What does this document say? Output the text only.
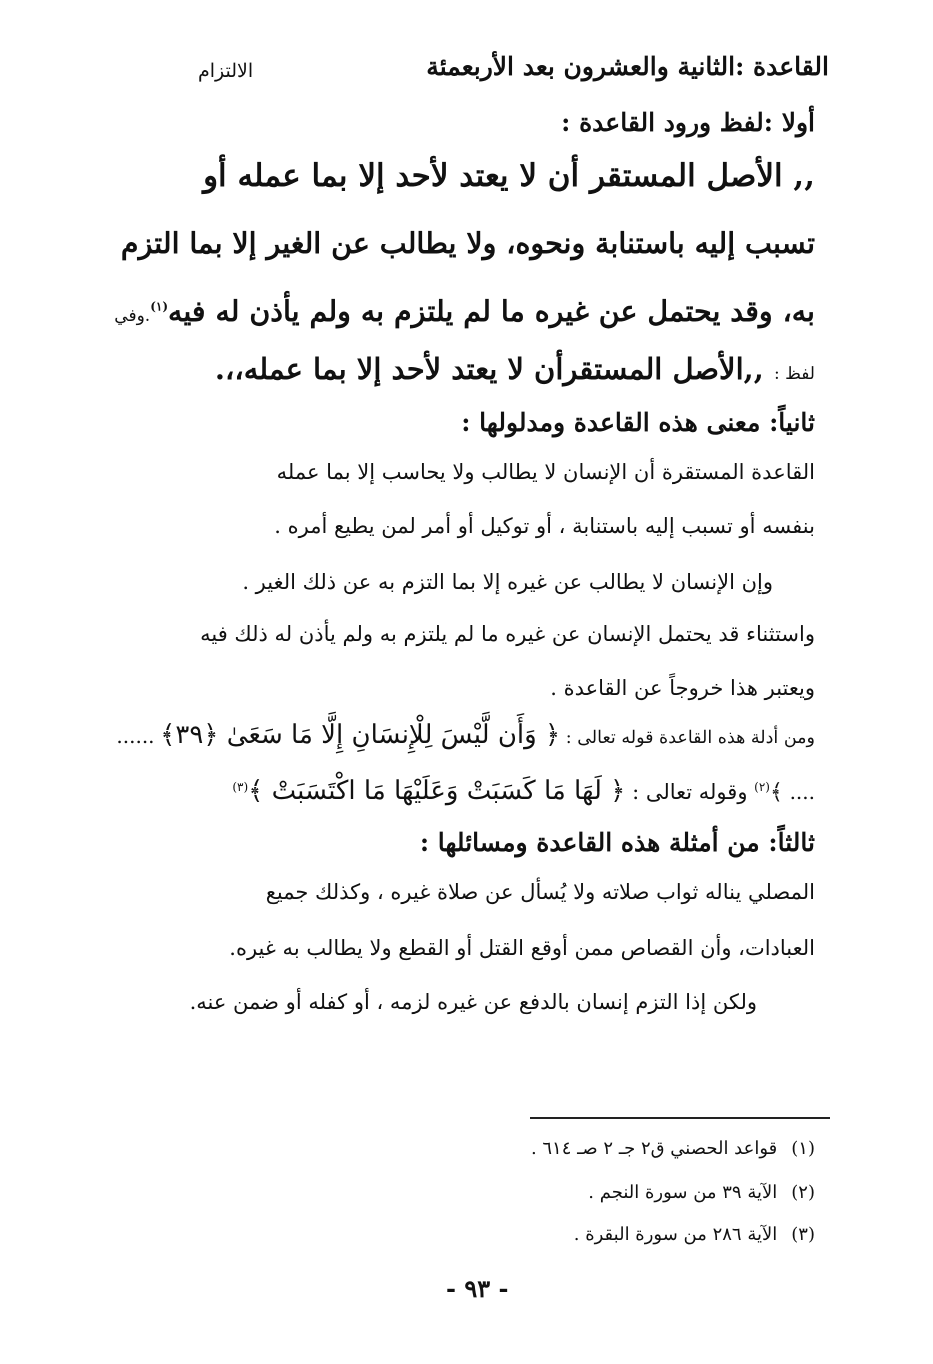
القاعدة :الثانية والعشرون بعد الأربعمئة
الالتزام
أولا :لفظ ورود القاعدة :
,, الأصل المستقر أن لا يعتد لأحد إلا بما عمله أو
تسبب إليه باستنابة ونحوه، ولا يطالب عن الغير إلا بما التزم
به، وقد يحتمل عن غيره ما لم يلتزم به ولم يأذن له فيه$^{(١)}$.وفي
لفظ : ,,الأصل المستقرأن لا يعتد لأحد إلا بما عمله،،.
ثانياً: معنى هذه القاعدة ومدلولها :
القاعدة المستقرة أن الإنسان لا يطالب ولا يحاسب إلا بما عمله
بنفسه أو تسبب إليه باستنابة ، أو توكيل أو أمر لمن يطيع أمره .
وإن الإنسان لا يطالب عن غيره إلا بما التزم به عن ذلك الغير .
واستثناء قد يحتمل الإنسان عن غيره ما لم يلتزم به ولم يأذن له ذلك فيه
ويعتبر هذا خروجاً عن القاعدة .
ومن أدلة هذه القاعدة قوله تعالى : ﴿ وَأَن لَّيْسَ لِلْإِنسَانِ إِلَّا مَا سَعَىٰ ﴿٣٩﴾ ......
.... ﴾$^{(٢)}$ وقوله تعالى : ﴿ لَهَا مَا كَسَبَتْ وَعَلَيْهَا مَا اكْتَسَبَتْ ﴾$^{(٣)}$
ثالثاً: من أمثلة هذه القاعدة ومسائلها :
المصلي يناله ثواب صلاته ولا يُسأل عن صلاة غيره ، وكذلك جميع
العبادات، وأن القصاص ممن أوقع القتل أو القطع ولا يطالب به غيره.
ولكن إذا التزم إنسان بالدفع عن غيره لزمه ، أو كفله أو ضمن عنه.
(١)قواعد الحصني ق٢ جـ ٢ صـ ٦١٤ .
(٢)الآية ٣٩ من سورة النجم .
(٣)الآية ٢٨٦ من سورة البقرة .
- ٩٣ -
